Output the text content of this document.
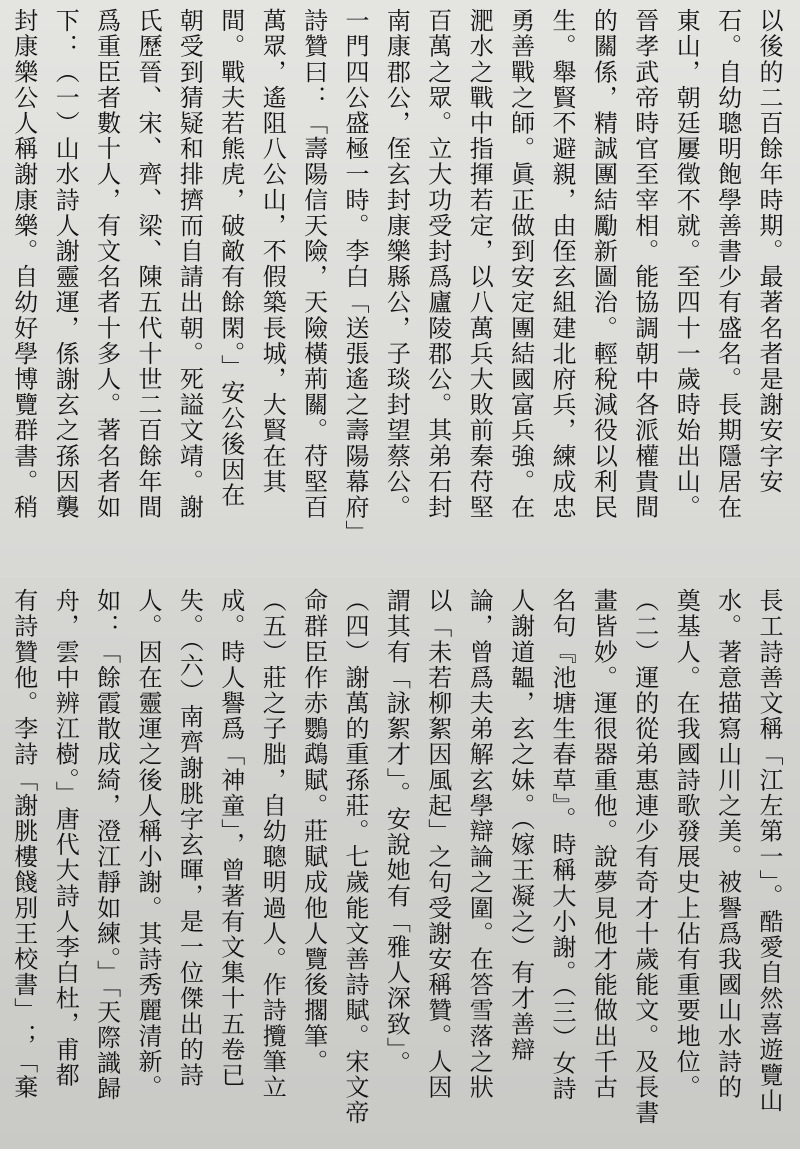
以後的二百餘年時期。最著名者是謝安字安
石。自幼聰明飽學善書少有盛名。長期隱居在
東山，朝廷屢徵不就。至四十一歲時始出山。
晉孝武帝時官至宰相。能協調朝中各派權貴間
的關係，精誠團結勵新圖治。輕稅減役以利民
生。舉賢不避親，由侄玄組建北府兵，練成忠
勇善戰之師。眞正做到安定團結國富兵強。在
淝水之戰中指揮若定，以八萬兵大敗前秦苻堅
百萬之眾。立大功受封爲廬陵郡公。其弟石封
南康郡公，侄玄封康樂縣公，子琰封望蔡公。
一門四公盛極一時。李白「送張遙之壽陽幕府」
詩贊曰：「壽陽信天險，天險橫荊關。苻堅百
萬眾，遙阻八公山，不假築長城，大賢在其
間。戰夫若熊虎，破敵有餘閑。」安公後因在
朝受到猜疑和排擠而自請出朝。死謚文靖。謝
氏歷晉、宋、齊、梁、陳五代十世二百餘年間
爲重臣者數十人，有文名者十多人。著名者如
下：（一）山水詩人謝靈運，係謝玄之孫因襲
封康樂公人稱謝康樂。自幼好學博覽群書。稍
長工詩善文稱「江左第一」。酷愛自然喜遊覽山
水。著意描寫山川之美。被譽爲我國山水詩的
奠基人。在我國詩歌發展史上佔有重要地位。
（二）運的從弟惠連少有奇才十歲能文。及長書
畫皆妙。運很器重他。說夢見他才能做出千古
名句『池塘生春草』。時稱大小謝。（三）女詩
人謝道韞，玄之妹。（嫁王凝之）有才善辯
論，曾爲夫弟解玄學辯論之圍。在答雪落之狀
以「未若柳絮因風起」之句受謝安稱贊。人因
謂其有「詠絮才」。安說她有「雅人深致」。
（四）謝萬的重孫莊。七歲能文善詩賦。宋文帝
命群臣作赤鸚鵡賦。莊賦成他人覽後擱筆。
（五）莊之子朏，自幼聰明過人。作詩攬筆立
成。時人譽爲「神童」，曾著有文集十五卷已
失。（六）南齊謝朓字玄暉，是一位傑出的詩
人。因在靈運之後人稱小謝。其詩秀麗清新。
如：「餘霞散成綺，澄江靜如練。」「天際識歸
舟，雲中辨江樹。」唐代大詩人李白杜，甫都
有詩贊他。李詩「謝朓樓餞別王校書」；「棄
